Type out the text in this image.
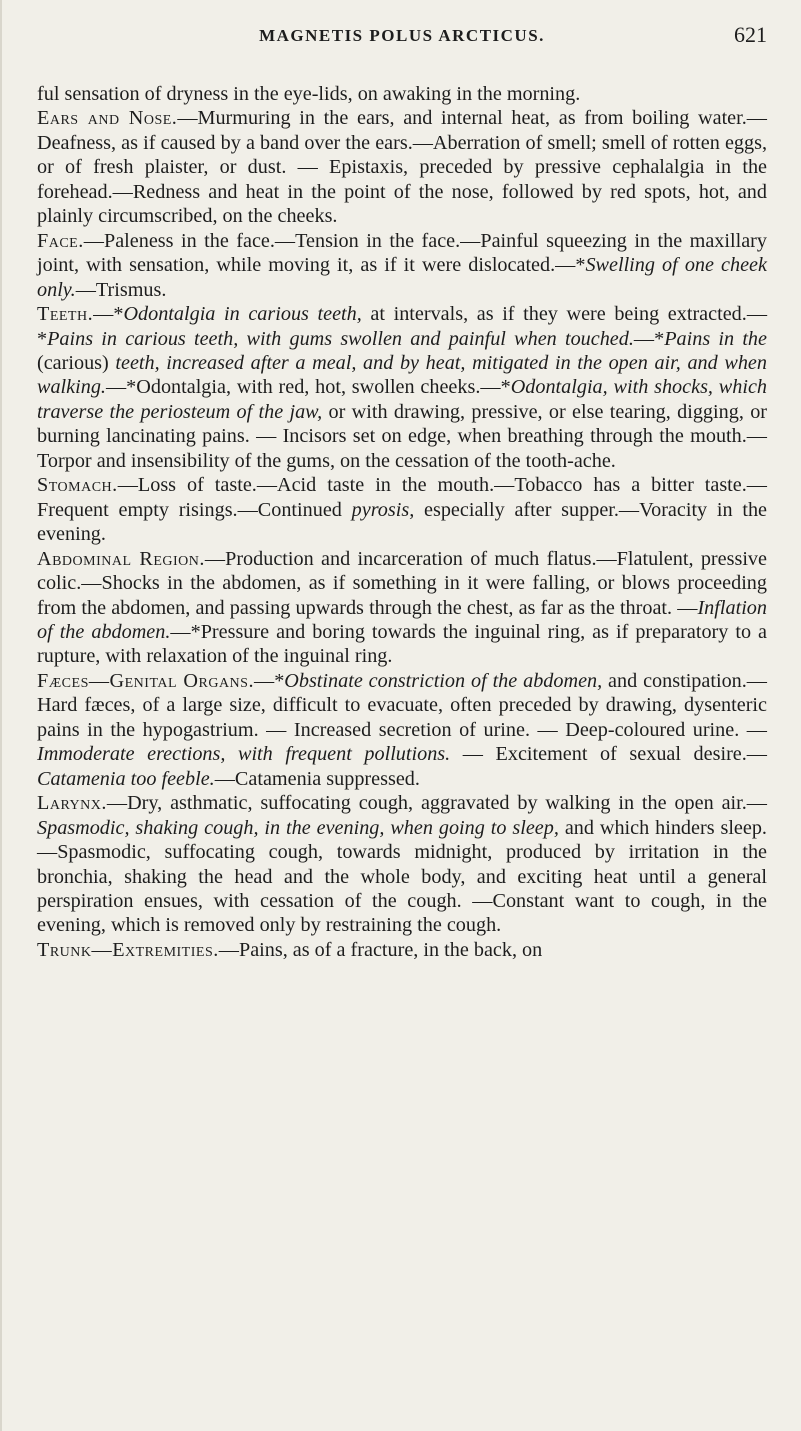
MAGNETIS POLUS ARCTICUS.	621

ful sensation of dryness in the eye-lids, on awaking in the morning.

Ears and Nose.—Murmuring in the ears, and internal heat, as from boiling water.—Deafness, as if caused by a band over the ears.—Aberration of smell; smell of rotten eggs, or of fresh plaister, or dust. — Epistaxis, preceded by pressive cephalalgia in the forehead.—Redness and heat in the point of the nose, followed by red spots, hot, and plainly circumscribed, on the cheeks.

Face.—Paleness in the face.—Tension in the face.—Painful squeezing in the maxillary joint, with sensation, while moving it, as if it were dislocated.—*Swelling of one cheek only.—Trismus.

Teeth.—*Odontalgia in carious teeth, at intervals, as if they were being extracted.—*Pains in carious teeth, with gums swollen and painful when touched.—*Pains in the (carious) teeth, increased after a meal, and by heat, mitigated in the open air, and when walking.—*Odontalgia, with red, hot, swollen cheeks.—*Odontalgia, with shocks, which traverse the periosteum of the jaw, or with drawing, pressive, or else tearing, digging, or burning lancinating pains. — Incisors set on edge, when breathing through the mouth.—Torpor and insensibility of the gums, on the cessation of the tooth-ache.

Stomach.—Loss of taste.—Acid taste in the mouth.—Tobacco has a bitter taste.—Frequent empty risings.—Continued pyrosis, especially after supper.—Voracity in the evening.

Abdominal Region.—Production and incarceration of much flatus.—Flatulent, pressive colic.—Shocks in the abdomen, as if something in it were falling, or blows proceeding from the abdomen, and passing upwards through the chest, as far as the throat. —Inflation of the abdomen.—*Pressure and boring towards the inguinal ring, as if preparatory to a rupture, with relaxation of the inguinal ring.

Fæces—Genital Organs.—*Obstinate constriction of the abdomen, and constipation.—Hard fæces, of a large size, difficult to evacuate, often preceded by drawing, dysenteric pains in the hypogastrium. — Increased secretion of urine. — Deep-coloured urine. — Immoderate erections, with frequent pollutions. — Excitement of sexual desire.—Catamenia too feeble.—Catamenia suppressed.

Larynx.—Dry, asthmatic, suffocating cough, aggravated by walking in the open air.—Spasmodic, shaking cough, in the evening, when going to sleep, and which hinders sleep.—Spasmodic, suffocating cough, towards midnight, produced by irritation in the bronchia, shaking the head and the whole body, and exciting heat until a general perspiration ensues, with cessation of the cough. —Constant want to cough, in the evening, which is removed only by restraining the cough.

Trunk—Extremities.—Pains, as of a fracture, in the back, on
